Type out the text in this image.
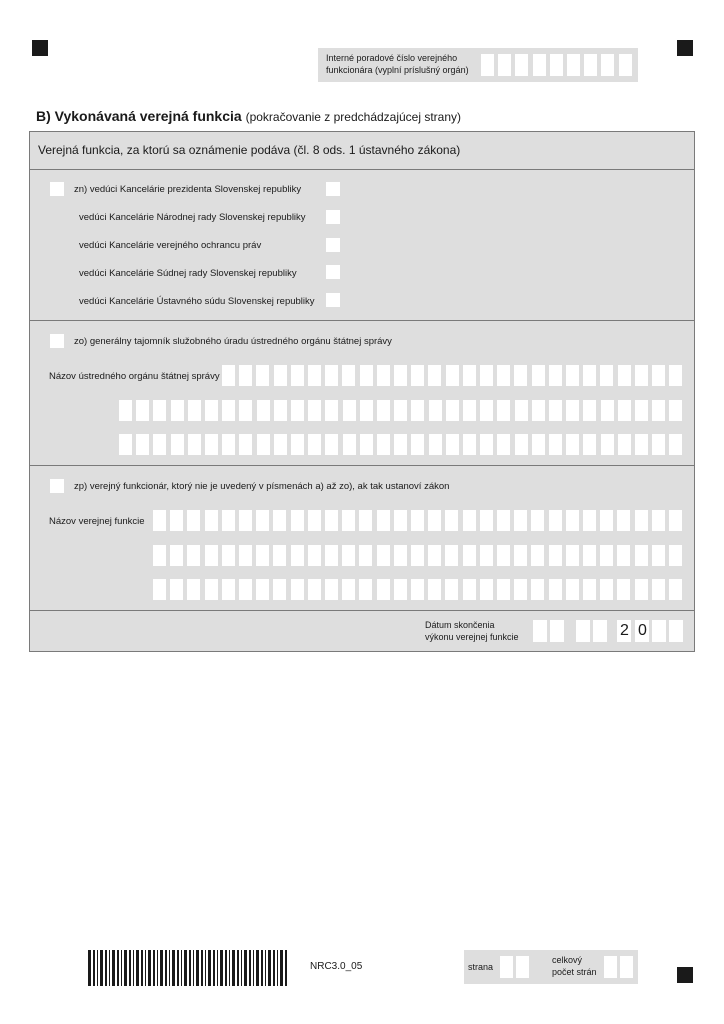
Interné poradové číslo verejného
funkcionára (vyplní príslušný orgán)
B) Vykonávaná verejná funkcia (pokračovanie z predchádzajúcej strany)
Verejná funkcia, za ktorú sa oznámenie podáva (čl. 8 ods. 1 ústavného zákona)
zn) vedúci Kancelárie prezidenta Slovenskej republiky
vedúci Kancelárie Národnej rady Slovenskej republiky
vedúci Kancelárie verejného ochrancu práv
vedúci Kancelárie Súdnej rady Slovenskej republiky
vedúci Kancelárie Ústavného súdu Slovenskej republiky
zo) generálny tajomník služobného úradu ústredného orgánu štátnej správy
Názov ústredného orgánu štátnej správy
zp) verejný funkcionár, ktorý nie je uvedený v písmenách a) až zo), ak tak ustanoví zákon
Názov verejnej funkcie
Dátum skončenia
výkonu verejnej funkcie	2 0
NRC3.0_05	strana
celkový
počet strán
